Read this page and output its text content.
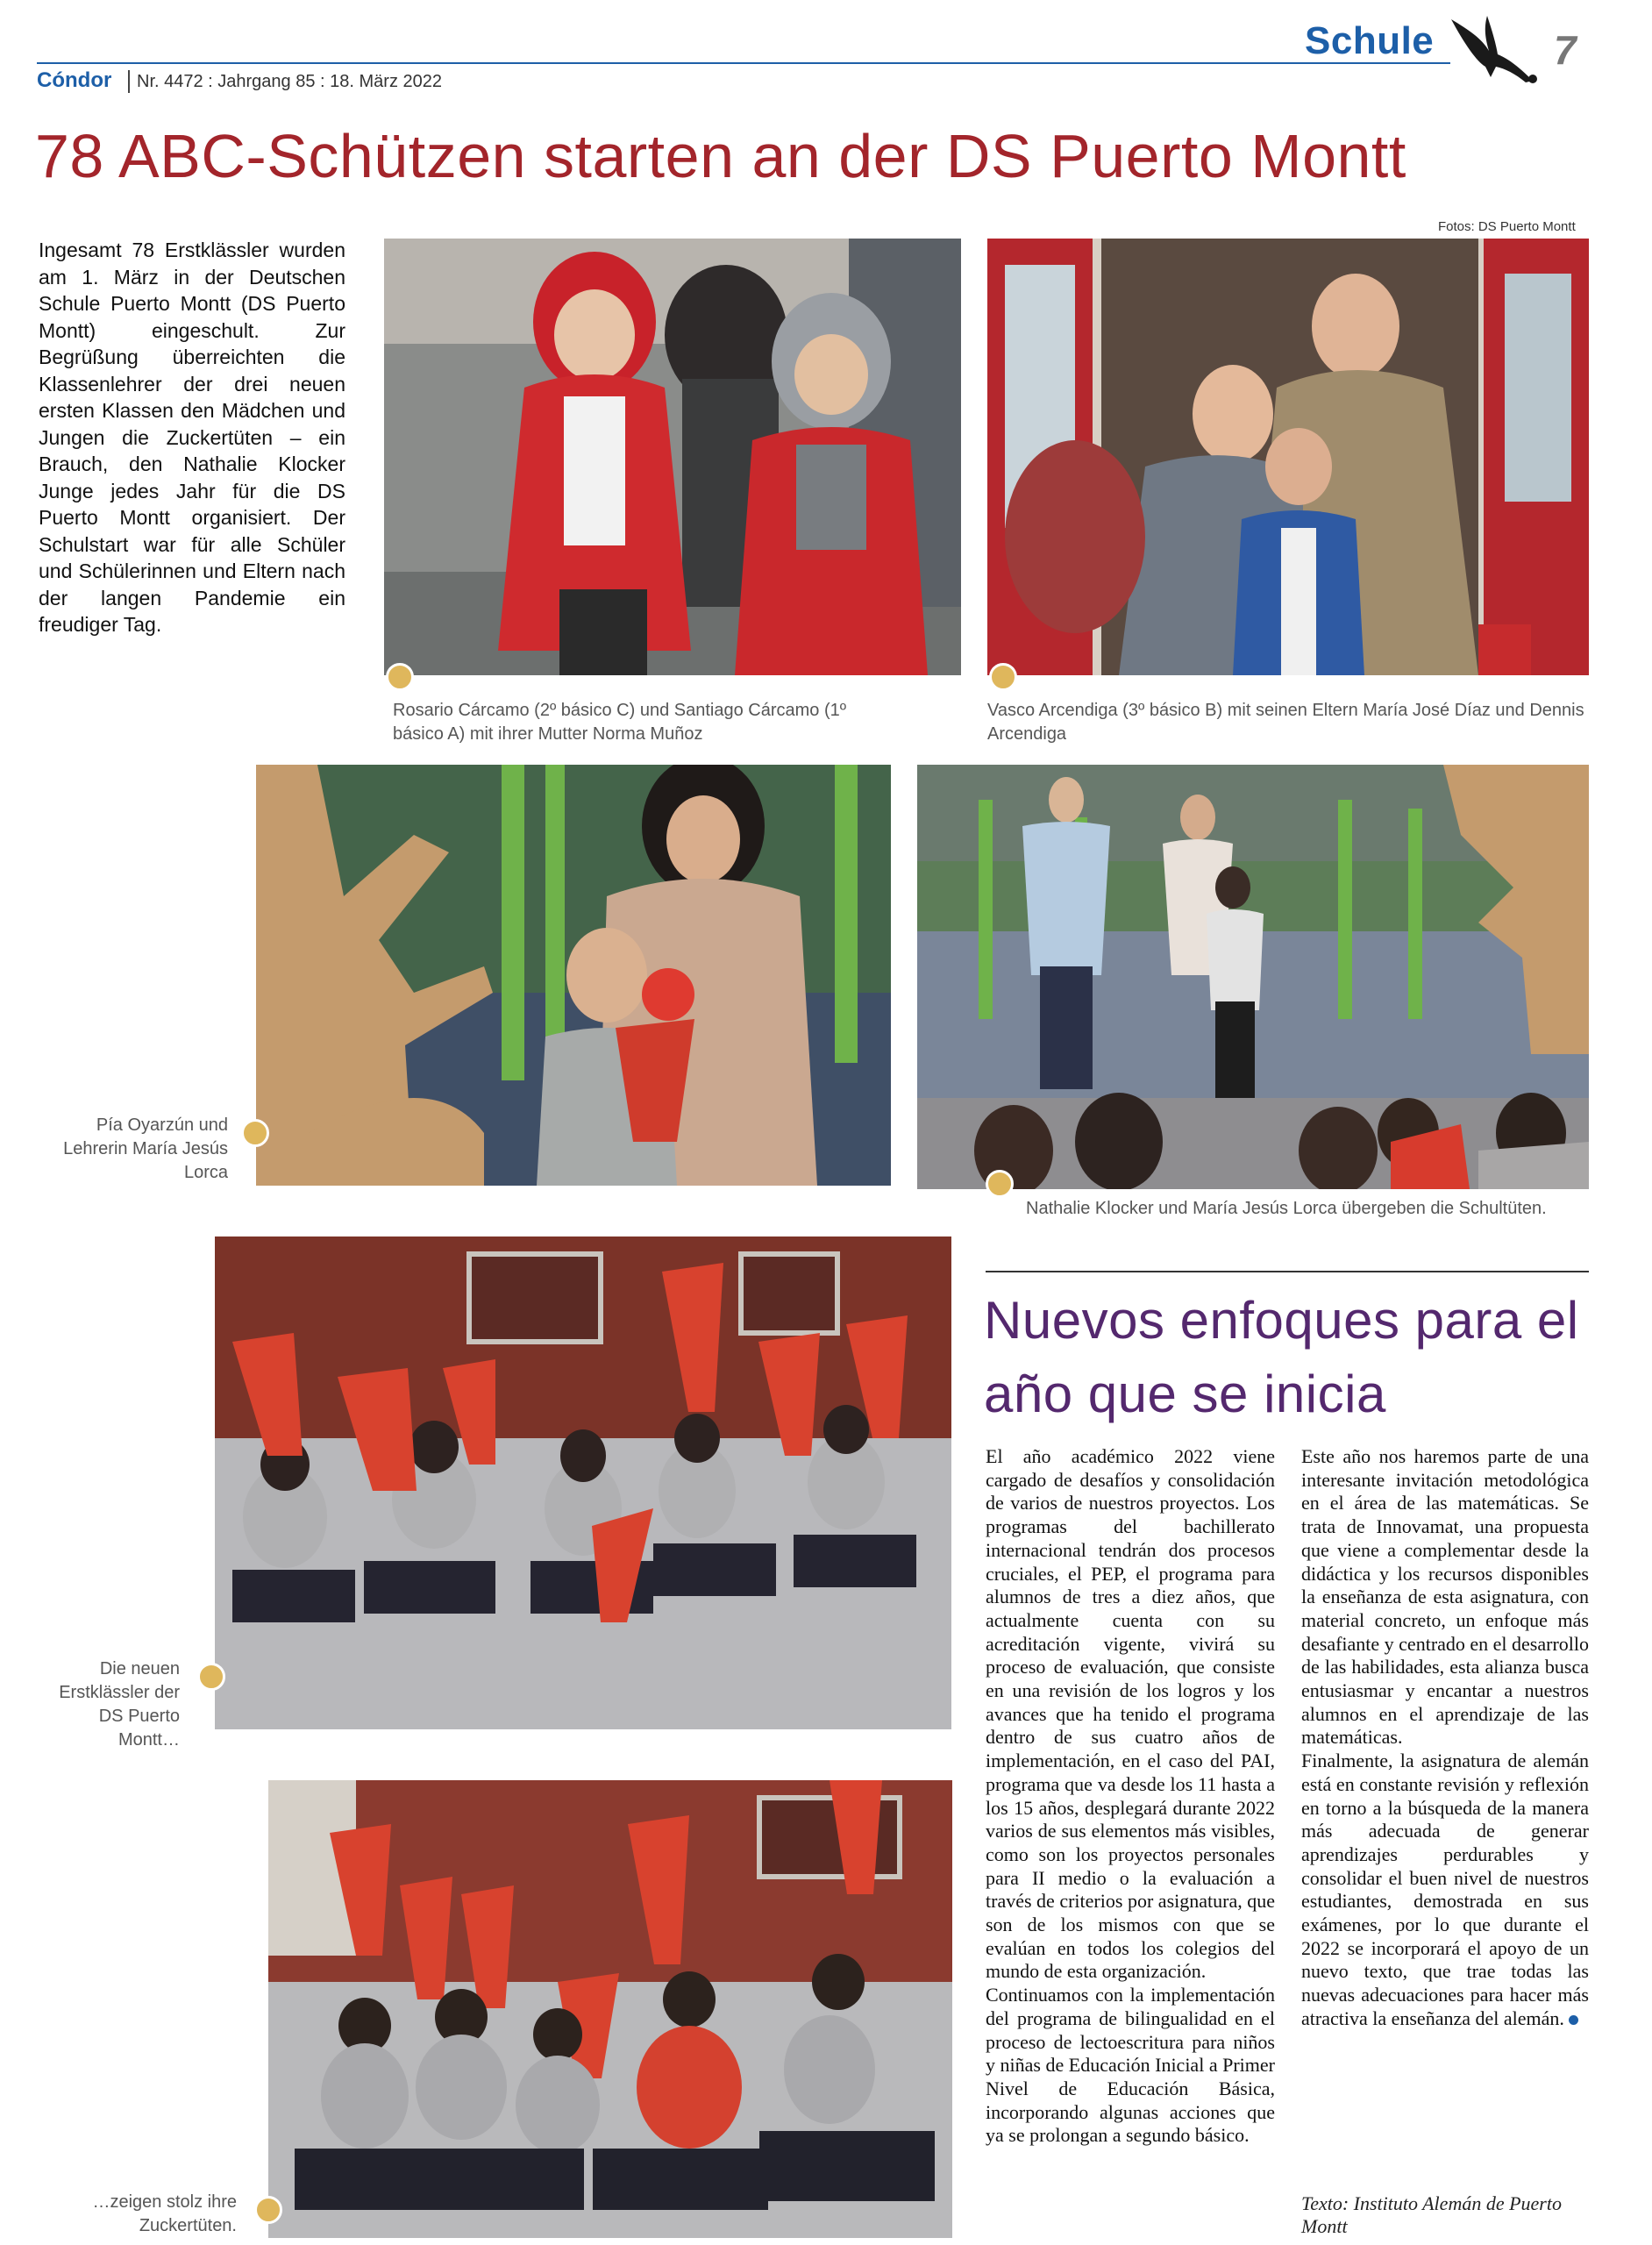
Schule	7
Cóndor Nr. 4472 : Jahrgang 85 : 18. März 2022
78 ABC-Schützen starten an der DS Puerto Montt

Ingesamt 78 Erstklässler wurden am 1. März in der Deutschen Schule Puerto Montt (DS Puerto Montt) eingeschult. Zur Begrüßung überreichten die Klassenlehrer der drei neuen ersten Klassen den Mädchen und Jungen die Zuckertüten – ein Brauch, den Nathalie Klocker Junge jedes Jahr für die DS Puerto Montt organisiert. Der Schulstart war für alle Schüler und Schülerinnen und Eltern nach der langen Pandemie ein freudiger Tag.

Fotos: DS Puerto Montt
Rosario Cárcamo (2º básico C) und Santiago Cárcamo (1º básico A) mit ihrer Mutter Norma Muñoz
Vasco Arcendiga (3º básico B) mit seinen Eltern María José Díaz und Dennis Arcendiga
Pía Oyarzún und Lehrerin María Jesús Lorca
Nathalie Klocker und María Jesús Lorca übergeben die Schultüten.
Die neuen Erstklässler der DS Puerto Montt…
…zeigen stolz ihre Zuckertüten.
Nuevos enfoques para el año que se inicia

El año académico 2022 viene cargado de desafíos y consolidación de varios de nuestros proyectos. Los programas del bachillerato internacional tendrán dos procesos cruciales, el PEP, el programa para alumnos de tres a diez años, que actualmente cuenta con su acreditación vigente, vivirá su proceso de evaluación, que consiste en una revisión de los logros y los avances que ha tenido el programa dentro de sus cuatro años de implementación, en el caso del PAI, programa que va desde los 11 hasta a los 15 años, desplegará durante 2022 varios de sus elementos más visibles, como son los proyectos personales para II medio o la evaluación a través de criterios por asignatura, que son de los mismos con que se evalúan en todos los colegios del mundo de esta organización.

Continuamos con la implementación del programa de bilingualidad en el proceso de lectoescritura para niños y niñas de Educación Inicial a Primer Nivel de Educación Básica, incorporando algunas acciones que ya se prolongan a segundo básico.

Este año nos haremos parte de una interesante invitación metodológica en el área de las matemáticas. Se trata de Innovamat, una propuesta que viene a complementar desde la didáctica y los recursos disponibles la enseñanza de esta asignatura, con material concreto, un enfoque más desafiante y centrado en el desarrollo de las habilidades, esta alianza busca entusiasmar y encantar a nuestros alumnos en el aprendizaje de las matemáticas.

Finalmente, la asignatura de alemán está en constante revisión y reflexión en torno a la búsqueda de la manera más adecuada de generar aprendizajes perdurables y consolidar el buen nivel de nuestros estudiantes, demostrada en sus exámenes, por lo que durante el 2022 se incorporará el apoyo de un nuevo texto, que trae todas las nuevas adecuaciones para hacer más atractiva la enseñanza del alemán.

Texto: Instituto Alemán de Puerto Montt
